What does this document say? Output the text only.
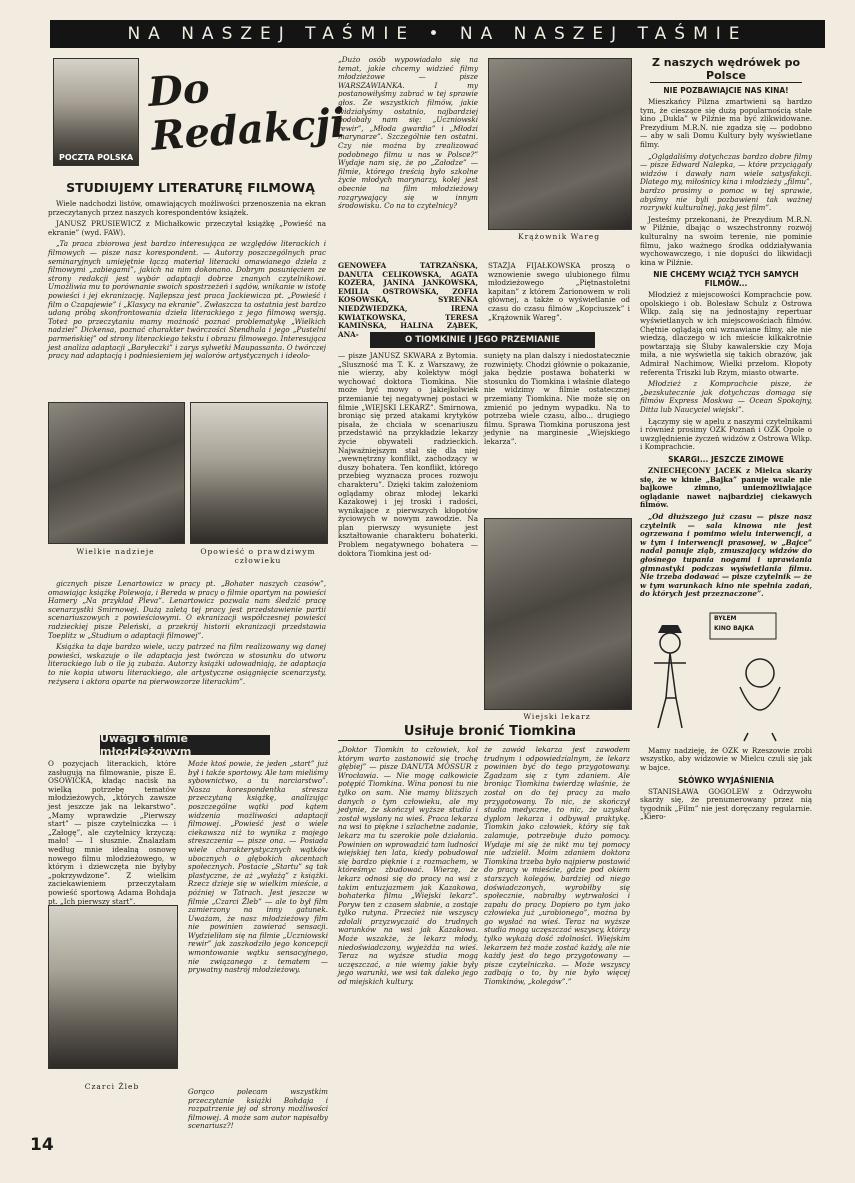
NA NASZEJ TAŚMIE • NA NASZEJ TAŚMIE
POCZTA POLSKA
Do Redakcji
STUDIUJEMY LITERATURĘ FILMOWĄ

Wiele nadchodzi listów, omawiających możliwości przenoszenia na ekran przeczytanych przez naszych korespondentów książek.

JANUSZ PRUSIEWICZ z Michałkowic przeczytał książkę „Powieść na ekranie” (wyd. FAW).

„Ta praca zbiorowa jest bardzo interesująca ze względów literackich i filmowych — pisze nasz korespondent. — Autorzy poszczególnych prac seminaryjnych umiejętnie łączą materiał literacki omawianego dzieła z filmowymi „zabiegami”, jakich na nim dokonano. Dobrym posunięciem ze strony redakcji jest wybór adaptacji dobrze znanych czytelnikowi. Umożliwia mu to porównanie swoich spostrzeżeń i sądów, wnikanie w istotę powieści i jej ekranizację. Najlepsza jest praca Jackiewicza pt. „Powieść i film o Czapajewie” i „Klasycy na ekranie”. Zwłaszcza ta ostatnia jest bardzo udaną próbą skonfrontowania dzieła literackiego z jego filmową wersją. Toteż po przeczytaniu mamy możność poznać problematykę „Wielkich nadziei” Dickensa, poznać charakter twórczości Stendhala i jego „Pustelni parmeńskiej” od strony literackiego tekstu i obrazu filmowego. Interesująca jest analiza adaptacji „Baryłeczki” i zarys sylwetki Maupassanta. O twórczej pracy nad adaptacją i podniesieniem jej walorów artystycznych i ideolo-

Wielkie nadzieje	Opowieść o prawdziwym człowieku

gicznych pisze Lenartowicz w pracy pt. „Bohater naszych czasów”, omawiając książkę Polewoja, i Bereda w pracy o filmie opartym na powieści Hamery „Na przykład Pleva”. Lenartowicz pozwala nam śledzić pracę scenarzystki Smirnowej. Dużą zaletą tej pracy jest przedstawienie partii scenariuszowych z powieściowymi. O ekranizacji współczesnej powieści radzieckiej pisze Peleński, a przekrój historii ekranizacji przedstawia Toeplitz w „Studium o adaptacji filmowej”.

Książka ta daje bardzo wiele, uczy patrzeć na film realizowany wg danej powieści, wskazuje o ile adaptacja jest twórcza w stosunku do utworu literackiego lub o ile ją zubaża. Autorzy książki udowadniają, że adaptacja to nie kopia utworu literackiego, ale artystyczne osiągnięcie scenarzysty, reżysera i aktora oparte na pierwowzorze literackim”.

Uwagi o filmie młodzieżowym
O pozycjach literackich, które zasługują na filmowanie, pisze E. OSOWICKA, kładąc nacisk na wielką potrzebę tematów młodzieżowych, „których zawsze jest jeszcze jak na lekarstwo”. „Mamy wprawdzie „Pierwszy start” — pisze czytelniczka — i „Załogę”, ale czytelnicy krzyczą: mało! — I słusznie. Znalazłam według mnie idealną osnowę nowego filmu młodzieżowego, w którym i dziewczęta nie byłyby „pokrzywdzone”. Z wielkim zaciekawieniem przeczytałam powieść sportową Adama Bohdaja pt. „Ich pierwszy start”.
Czarci Żleb
Może ktoś powie, że jeden „start” już był i także sportowy. Ale tam mieliśmy sybownictwo, a tu narciarstwo”. Nasza korespondentka stresza przeczytaną książkę, analizując poszczególne wątki pod kątem widzenia możliwości adaptacji filmowej. „Powieść jest o wiele ciekawsza niż to wynika z mojego streszczenia — pisze ona. — Posiada wiele charakterystycznych wątków ubocznych o głębokich akcentach społecznych. Postacie „Startu” są tak plastyczne, że aż „wyłażą” z książki. Rzecz dzieje się w wielkim mieście, a później w Tatrach. Jest jeszcze w filmie „Czarci Żleb” — ale to był film zamierzony na inny gatunek. Uważam, że nasz młodzieżowy film nie powinien zawierać sensacji. Wydzieliłam się na filmie „Uczniowski rewir” jak zaszkodziło jego koncepcji wmontowanie wątku sensacyjnego, nie związanego z tematem — prywatny nastrój młodzieżowy.
Gorąco polecam wszystkim przeczytanie książki Bohdaja i rozpatrzenie jej od strony możliwości filmowej. A może sam autor napisałby scenariusz?!
„Dużo osób wypowiadało się na temat, jakie chcemy widzieć filmy młodzieżowe — pisze WARSZAWIANKA. I my postanowiłyśmy zabrać w tej sprawie głos. Ze wszystkich filmów, jakie widziałyśmy ostatnio, najbardziej podobały nam się: „Uczniowski rewir”, „Młoda gwardia” i „Młodzi marynarze”. Szczególnie ten ostatni. Czy nie można by zrealizować podobnego filmu u nas w Polsce?” Wydaje nam się, że po „Załodze” — filmie, którego treścią było szkolne życie młodych marynarzy, kolej jest obecnie na film młodzieżowy rozgrywający się w innym środowisku. Co na to czytelnicy?
GENOWEFA TATRZAŃSKA, DANUTA CELIKOWSKA, AGATA KOZERA, JANINA JANKOWSKA, EMILIA OSTROWSKA, ZOFIA KOSOWSKA, SYRENKA NIEDŹWIEDZKA, IRENA KWIATKOWSKA, TERESA KAMIŃSKA, HALINA ZĄBEK, ANA-
Krążownik Wareg
STAZJA FIJAŁKOWSKA proszą o wznowienie swego ulubionego filmu młodzieżowego „Piętnastoletni kapitan” z którem Żarionowem w roli głównej, a także o wyświetlanie od czasu do czasu filmów „Kopciuszek” i „Krążownik Wareg”.
O TIOMKINIE I JEGO PRZEMIANIE
— pisze JANUSZ SKWARA z Bytomia. „Sluszność ma T. K. z Warszawy, że nie wierzy, aby kolektyw mógł wychować doktora Tiomkina. Nie może być mowy o jakiejkolwiek przemianie tej negatywnej postaci w filmie „WIEJSKI LEKARZ”. Smirnowa, broniąc się przed atakami krytyków pisała, że chciała w scenariuszu przedstawić na przykładzie lekarzy życie obywateli radzieckich. Najważniejszym stał się dla niej „wewnętrzny konflikt, zachodzący w duszy bohatera. Ten konflikt, którego przebieg wyznacza proces rozwoju charakteru”. Dzięki takim założeniom oglądamy obraz młodej lekarki Kazakowej i jej troski i radości, wynikające z pierwszych kłopotów życiowych w nowym zawodzie. Na plan pierwszy wysunięte jest kształtowanie charakteru bohaterki. Problem negatywnego bohatera — doktora Tiomkina jest od-
sunięty na plan dalszy i niedostatecznie rozwinięty. Chodzi głównie o pokazanie, jaka będzie postawa bohaterki w stosunku do Tiomkina i właśnie dlatego nie widzimy w filmie ostatecznej przemiany Tiomkina. Nie może się on zmienić po jednym wypadku. Na to potrzeba wiele czasu, albo... drugiego filmu. Sprawa Tiomkina poruszona jest jedynie na marginesie „Wiejskiego lekarza”.
Wiejski lekarz
Usiłuje bronić Tiomkina
„Doktor Tiomkin to człowiek, kol którym warto zastanowić się trochę głębiej” — pisze DANUTA MOSSUR z Wrocławia. — Nie mogę całkowicie potępić Tiomkina. Wina ponosi tu nie tylko on sam. Nie mamy bliższych danych o tym człowieku, ale my jedynie, że skończył wyższe studia i został wysłany na wieś. Praca lekarza na wsi to piękne i szlachetne zadanie, lekarz ma tu szerokie pole działania. Powinien on wprowadzić tam ludności wiejskiej ten lata, kiedy pobudował się bardzo pięknie i z rozmachem, w któreśmyc zbudować. Wierzę, że lekarz odnosi się do pracy na wsi z takim entuzjazmem jak Kazakowa, bohaterka filmu „Wiejski lekarz”. Poryw ten z czasem słabnie, a zostaje tylko rutyna. Przecież nie wszyscy zdolali przyzwyczaić do trudnych warunków na wsi jak Kazakowa. Może wszakże, że lekarz młody, niedoświadczony, wyjeżdża na wieś. Teraz na wyższe studia mogą uczęszczać, a nie wiemy jakie były jego warunki, we wsi tak daleko jego od miejskich kultury.
że zawód lekarza jest zawodem trudnym i odpowiedzialnym, że lekarz powinien być do tego przygotowany. Zgadzam się z tym zdaniem. Ale broniąc Tiomkina twierdzę właśnie, że został on do tej pracy za mało przygotowany. To nic, że skończył studia medyczne, to nic, że uzyskał dyplom lekarza i odbywał praktykę. Tiomkin jako człowiek, który się tak zalamuje, potrzebuje dużo pomocy. Wydaje mi się że nikt mu tej pomocy nie udzielił. Moim zdaniem doktora Tiomkina trzeba było najpierw postawić do pracy w mieście, gdzie pod okiem starszych kolegów, bardziej od niego doświadczonych, wyrobiłby się społecznie, nabrałby wytrwałości i zapału do pracy. Dopiero po tym jako człowieka już „urobionego”, można by go wysłać na wieś. Teraz na wyższe studia mogą uczęszczać wszyscy, którzy tylko wykażą dość zdolności. Wiejskim lekarzem też może zostać każdy, ale nie każdy jest do tego przygotowany — pisze czytelniczka. — Może wszyscy zadbają o to, by nie było więcej Tiomkinów, „kolegów”.”
Z naszych wędrówek po Polsce
NIE POZBAWIAJCIE NAS KINA!

Mieszkańcy Pilzna zmartwieni są bardzo tym, że cieszące się dużą popularnością stałe kino „Dukla” w Pilźnie ma być zlikwidowane. Prezydium M.R.N. nie zgadza się — podobno — aby w sali Domu Kultury były wyświetlane filmy.

„Oglądaliśmy dotychczas bardzo dobre filmy — pisze Edward Nalepka, — które przyciągały widzów i dawały nam wiele satysfakcji. Dlatego my, miłośnicy kina i młodzieży „filmu”, bardzo prosimy o pomoc w tej sprawie, abyśmy nie byli pozbawieni tak ważnej rozrywki kulturalnej, jaką jest film”.

Jesteśmy przekonani, że Prezydium M.R.N. w Pilźnie, dbając o wszechstronny rozwój kulturalny na swoim terenie, nie pominie filmu, jako ważnego środka oddziaływania wychowawczego, i nie dopuści do likwidacji kina w Pilźnie.

NIE CHCEMY WCIĄŻ TYCH SAMYCH FILMÓW...

Młodzież z miejscowości Komprachcie pow. opolskiego i ob. Bolesław Schulz z Ostrowa Wlkp. żalą się na jednostajny repertuar wyświetlanych w ich miejscowościach filmów. Chętnie oglądają oni wznawiane filmy, ale nie wiedzą, dlaczego w ich mieście kilkakrotnie powtarzają się Śluby kawalerskie czy Moja miła, a nie wyświetla się takich obrazów, jak Admirał Nachimow, Wielki przełom. Kłopoty referenta Triszki lub Rzym, miasto otwarte.

Młodzież z Komprachcie pisze, że „bezskutecznie jak dotychczas domaga się filmów Express Moskwa — Ocean Spokojny, Ditta lub Naucyciel wiejski”.

Łączymy się w apelu z naszymi czytelnikami i również prosimy OZK Poznań i OZK Opole o uwzględnienie życzeń widzów z Ostrowa Wlkp. i Komprachcie.

SKARGI... JESZCZE ZIMOWE

ZNIECHĘCONY JACEK z Mielca skarży się, że w kinie „Bajka” panuje wcale nie bajkowe zimno, uniemożliwiające oglądanie nawet najbardziej ciekawych filmów.

„Od dłuższego już czasu — pisze nasz czytelnik — sala kinowa nie jest ogrzewana i pomimo wielu interwencji, a w tym i interwencji prasowej, w „Bajce” nadal panuje ziąb, zmuszający widzów do głośnego tupania nogami i uprawiania gimnastyki podczas wyświetlania filmu. Nie trzeba dodawać — pisze czytelnik — że w tym warunkach kino nie spełnia zadań, do których jest przeznaczone”.

BYŁEM
KINO BAJKA

Mamy nadzieję, że OZK w Rzeszowie zrobi wszystko, aby widzowie w Mielcu czuli się jak w bajce.

SŁÓWKO WYJAŚNIENIA

STANISŁAWA GOGOLEW z Odrzywołu skarży się, że prenumerowany przez nią tygodnik „Film” nie jest doręczany regularnie. „Kiero-

14
